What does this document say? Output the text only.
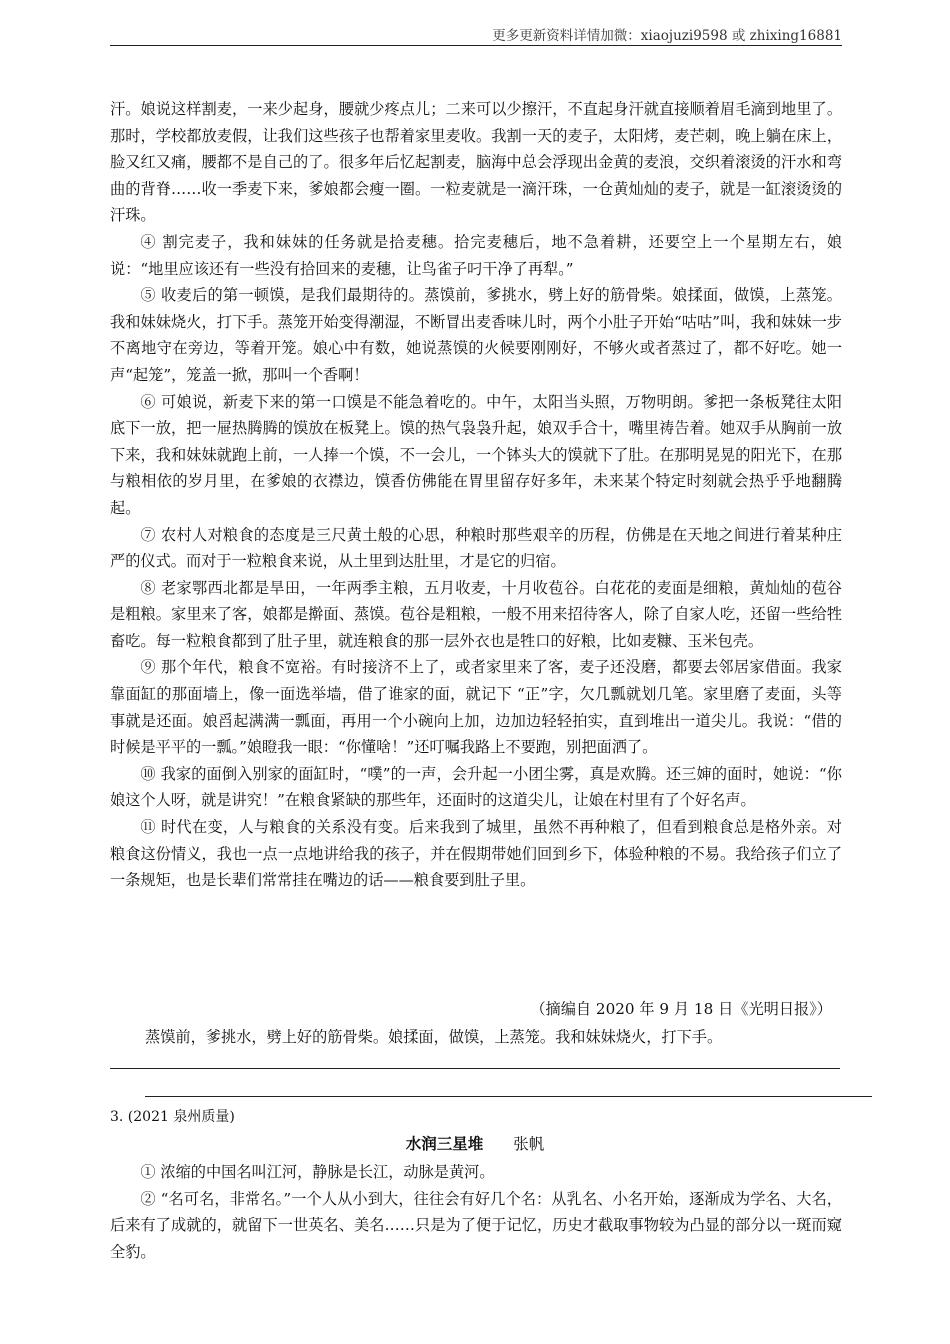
更多更新资料详情加微：xiaojuzi9598 或 zhixing16881

汗。娘说这样割麦，一来少起身，腰就少疼点儿；二来可以少擦汗，不直起身汗就直接顺着眉毛滴到地里了。那时，学校都放麦假，让我们这些孩子也帮着家里麦收。我割一天的麦子，太阳烤，麦芒刺，晚上躺在床上，脸又红又痛，腰都不是自己的了。很多年后忆起割麦，脑海中总会浮现出金黄的麦浪，交织着滚烫的汗水和弯曲的背脊……收一季麦下来，爹娘都会瘦一圈。一粒麦就是一滴汗珠，一仓黄灿灿的麦子，就是一缸滚烫烫的汗珠。

④ 割完麦子，我和妹妹的任务就是拾麦穗。拾完麦穗后，地不急着耕，还要空上一个星期左右，娘说：“地里应该还有一些没有拾回来的麦穗，让鸟雀子叼干净了再犁。”

⑤ 收麦后的第一顿馍，是我们最期待的。蒸馍前，爹挑水，劈上好的筋骨柴。娘揉面，做馍，上蒸笼。我和妹妹烧火，打下手。蒸笼开始变得潮湿，不断冒出麦香味儿时，两个小肚子开始“咕咕”叫，我和妹妹一步不离地守在旁边，等着开笼。娘心中有数，她说蒸馍的火候要刚刚好，不够火或者蒸过了，都不好吃。她一声“起笼”，笼盖一掀，那叫一个香啊！

⑥ 可娘说，新麦下来的第一口馍是不能急着吃的。中午，太阳当头照，万物明朗。爹把一条板凳往太阳底下一放，把一屉热腾腾的馍放在板凳上。馍的热气袅袅升起，娘双手合十，嘴里祷告着。她双手从胸前一放下来，我和妹妹就跑上前，一人捧一个馍，不一会儿，一个钵头大的馍就下了肚。在那明晃晃的阳光下，在那与粮相依的岁月里，在爹娘的衣襟边，馍香仿佛能在胃里留存好多年，未来某个特定时刻就会热乎乎地翻腾起。

⑦ 农村人对粮食的态度是三尺黄土般的心思，种粮时那些艰辛的历程，仿佛是在天地之间进行着某种庄严的仪式。而对于一粒粮食来说，从土里到达肚里，才是它的归宿。

⑧ 老家鄂西北都是旱田，一年两季主粮，五月收麦，十月收苞谷。白花花的麦面是细粮，黄灿灿的苞谷是粗粮。家里来了客，娘都是擀面、蒸馍。苞谷是粗粮，一般不用来招待客人，除了自家人吃，还留一些给牲畜吃。每一粒粮食都到了肚子里，就连粮食的那一层外衣也是牲口的好粮，比如麦糠、玉米包壳。

⑨ 那个年代，粮食不宽裕。有时接济不上了，或者家里来了客，麦子还没磨，都要去邻居家借面。我家靠面缸的那面墙上，像一面选举墙，借了谁家的面，就记下 “正”字，欠几瓢就划几笔。家里磨了麦面，头等事就是还面。娘舀起满满一瓢面，再用一个小碗向上加，边加边轻轻拍实，直到堆出一道尖儿。我说：“借的时候是平平的一瓢。”娘瞪我一眼：“你懂啥！”还叮嘱我路上不要跑，别把面洒了。

⑩ 我家的面倒入别家的面缸时，“噗”的一声，会升起一小团尘雾，真是欢腾。还三婶的面时，她说：“你娘这个人呀，就是讲究！”在粮食紧缺的那些年，还面时的这道尖儿，让娘在村里有了个好名声。

⑪ 时代在变，人与粮食的关系没有变。后来我到了城里，虽然不再种粮了，但看到粮食总是格外亲。对粮食这份情义，我也一点一点地讲给我的孩子，并在假期带她们回到乡下，体验种粮的不易。我给孩子们立了一条规矩，也是长辈们常常挂在嘴边的话——粮食要到肚子里。

（摘编自 2020 年 9 月 18 日《光明日报》）
蒸馍前，爹挑水，劈上好的筋骨柴。娘揉面，做馍，上蒸笼。我和妹妹烧火，打下手。
3. (2021 泉州质量)
水润三星堆 张帆

① 浓缩的中国名叫江河，静脉是长江，动脉是黄河。

② “名可名，非常名。”一个人从小到大，往往会有好几个名：从乳名、小名开始，逐渐成为学名、大名，后来有了成就的，就留下一世英名、美名……只是为了便于记忆，历史才截取事物较为凸显的部分以一斑而窥全豹。
